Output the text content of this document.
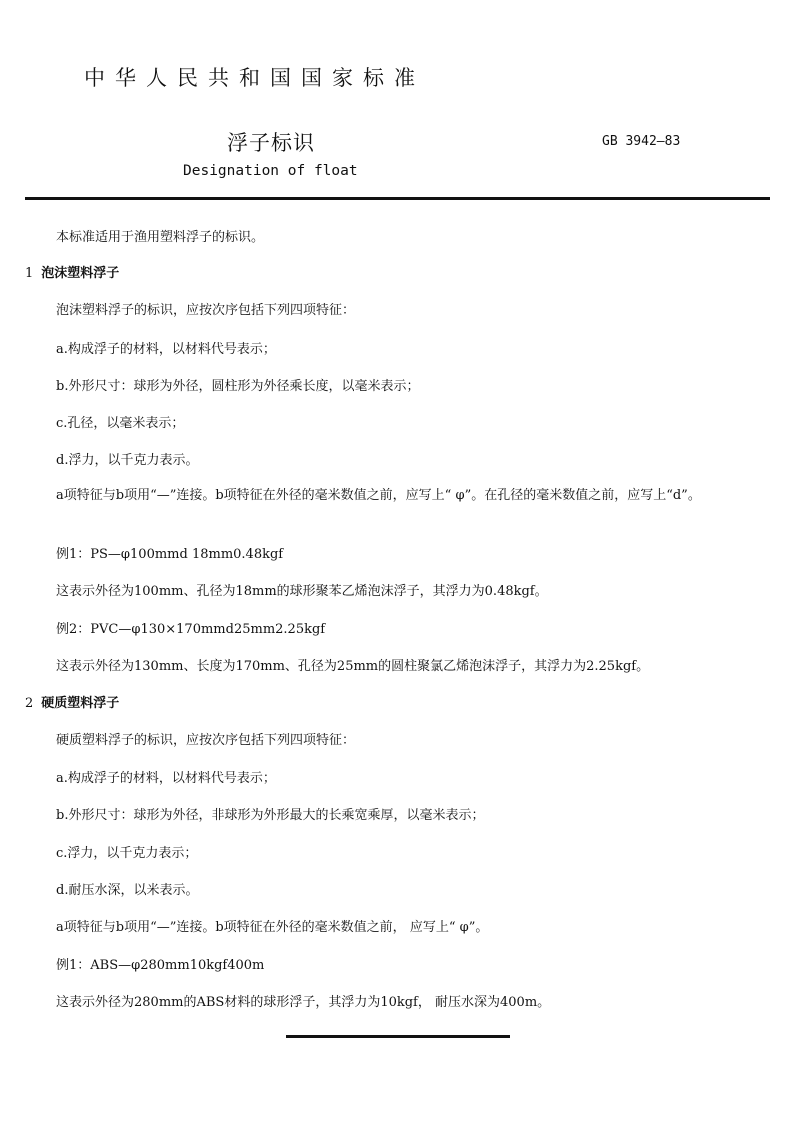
中华人民共和国国家标准
浮子标识	GB 3942—83
Designation of float
本标准适用于渔用塑料浮子的标识。
1 泡沫塑料浮子
泡沫塑料浮子的标识，应按次序包括下列四项特征：
a.构成浮子的材料，以材料代号表示；
b.外形尺寸：球形为外径，圆柱形为外径乘长度，以毫米表示；
c.孔径，以毫米表示；
d.浮力，以千克力表示。
a项特征与b项用“—”连接。b项特征在外径的毫米数值之前，应写上“ φ”。在孔径的毫米数值之前，应写上“d”。
例1：PS—φ100mmd 18mm0.48kgf
这表示外径为100mm、孔径为18mm的球形聚苯乙烯泡沫浮子，其浮力为0.48kgf。
例2：PVC—φ130×170mmd25mm2.25kgf
这表示外径为130mm、长度为170mm、孔径为25mm的圆柱聚氯乙烯泡沫浮子，其浮力为2.25kgf。
2 硬质塑料浮子
硬质塑料浮子的标识，应按次序包括下列四项特征：
a.构成浮子的材料，以材料代号表示；
b.外形尺寸：球形为外径，非球形为外形最大的长乘宽乘厚，以毫米表示；
c.浮力，以千克力表示；
d.耐压水深，以米表示。
a项特征与b项用“—”连接。b项特征在外径的毫米数值之前， 应写上“ φ”。
例1：ABS—φ280mm10kgf400m
这表示外径为280mm的ABS材料的球形浮子，其浮力为10kgf， 耐压水深为400m。
